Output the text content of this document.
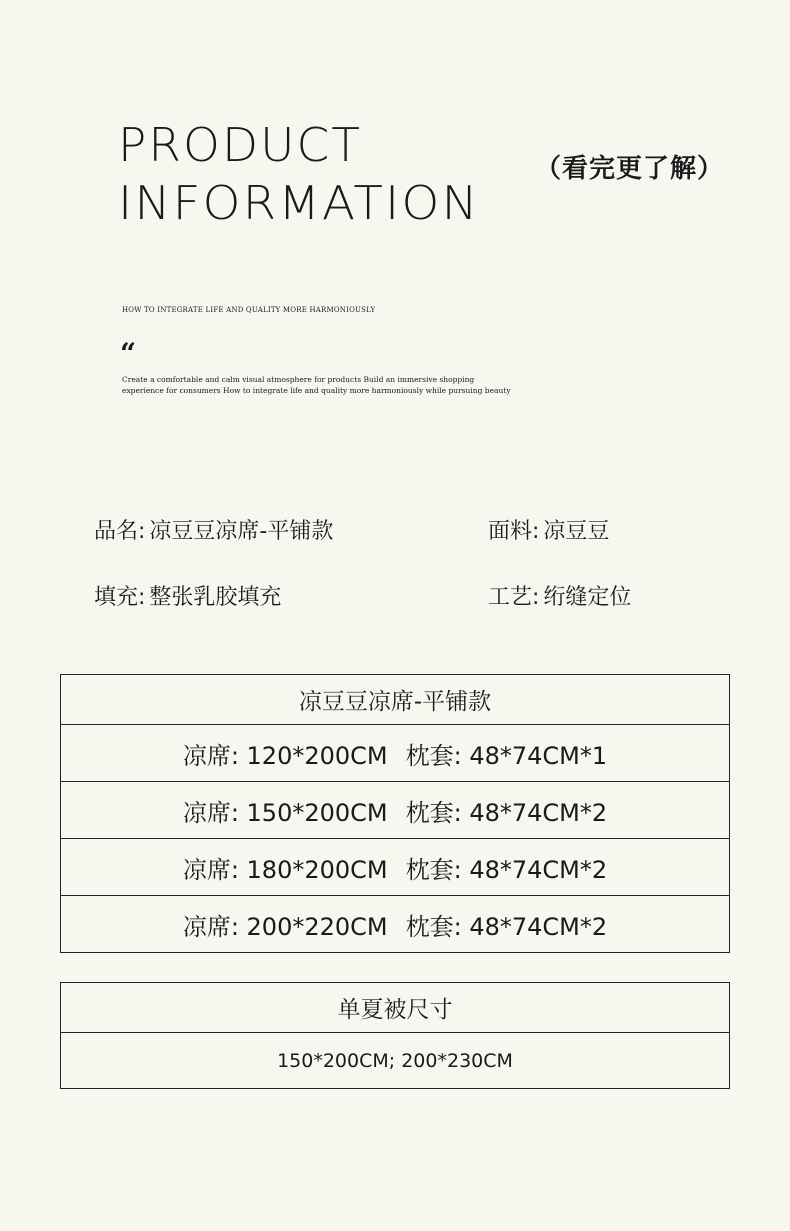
PRODUCT
INFORMATION
（看完更了解）
HOW TO INTEGRATE LIFE AND QUALITY MORE HARMONIOUSLY
“
Create a comfortable and calm visual atmosphere for products Build an immersive shopping experience for consumers How to integrate life and quality more harmoniously while pursuing beauty
品名: 凉豆豆凉席-平铺款	面料: 凉豆豆
填充: 整张乳胶填充	工艺: 绗缝定位
凉豆豆凉席-平铺款
凉席: 120*200CM 枕套: 48*74CM*1
凉席: 150*200CM 枕套: 48*74CM*2
凉席: 180*200CM 枕套: 48*74CM*2
凉席: 200*220CM 枕套: 48*74CM*2
单夏被尺寸
150*200CM; 200*230CM
